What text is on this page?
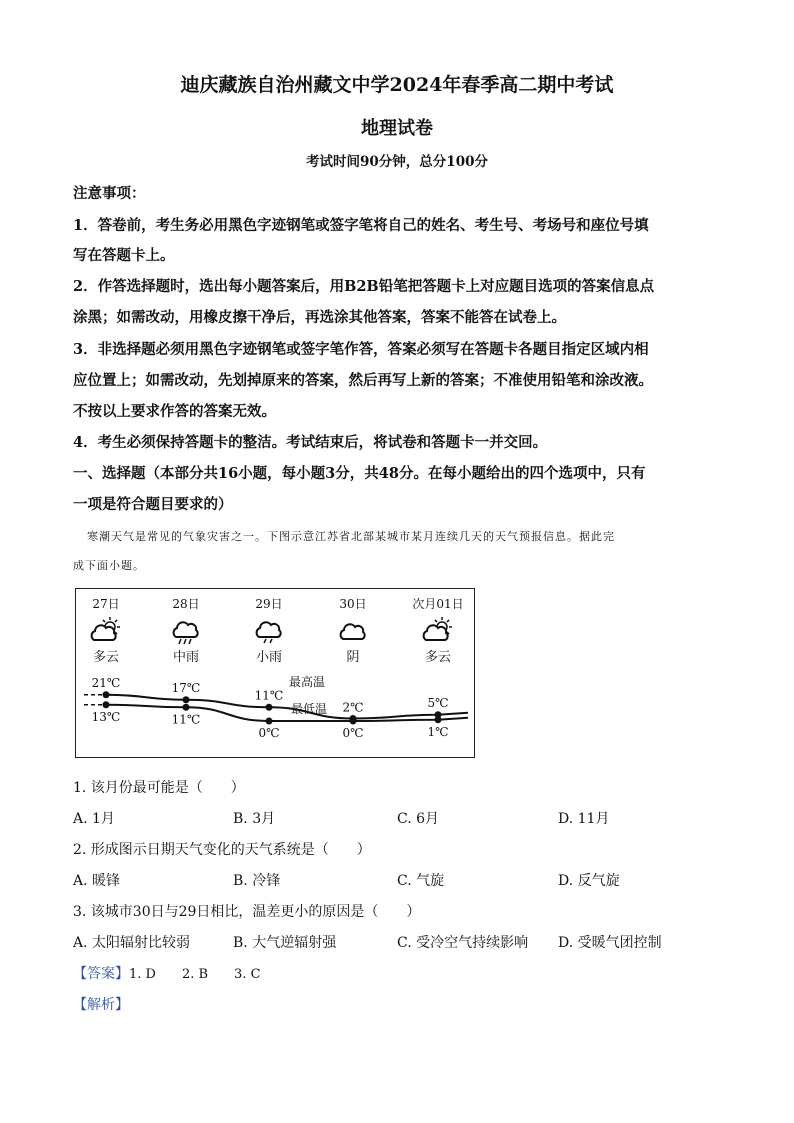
迪庆藏族自治州藏文中学2024年春季高二期中考试
地理试卷
考试时间90分钟，总分100分
注意事项：
1．答卷前，考生务必用黑色字迹钢笔或签字笔将自己的姓名、考生号、考场号和座位号填
写在答题卡上。
2．作答选择题时，选出每小题答案后，用B2B铅笔把答题卡上对应题目选项的答案信息点
涂黑；如需改动，用橡皮擦干净后，再选涂其他答案，答案不能答在试卷上。
3．非选择题必须用黑色字迹钢笔或签字笔作答，答案必须写在答题卡各题目指定区域内相
应位置上；如需改动，先划掉原来的答案，然后再写上新的答案；不准使用铅笔和涂改液。
不按以上要求作答的答案无效。
4．考生必须保持答题卡的整洁。考试结束后，将试卷和答题卡一并交回。
一、选择题（本部分共16小题，每小题3分，共48分。在每小题给出的四个选项中，只有
一项是符合题目要求的）
寒潮天气是常见的气象灾害之一。下图示意江苏省北部某城市某月连续几天的天气预报信息。据此完
成下面小题。
27日	28日	29日	30日	次月01日
多云	中雨	小雨	阴	多云
21℃	17℃
11℃
2℃	5℃
13℃	11℃
0℃	0℃	1℃
最低温
最高温
1. 该月份最可能是（　　）
A. 1月	B. 3月	C. 6月	D. 11月
2. 形成图示日期天气变化的天气系统是（　　）
A. 暖锋	B. 冷锋	C. 气旋	D. 反气旋
3. 该城市30日与29日相比，温差更小的原因是（　　）
A. 太阳辐射比较弱	B. 大气逆辐射强	C. 受冷空气持续影响 D. 受暖气团控制
【答案】1. D　　2. B　　3. C
【解析】
